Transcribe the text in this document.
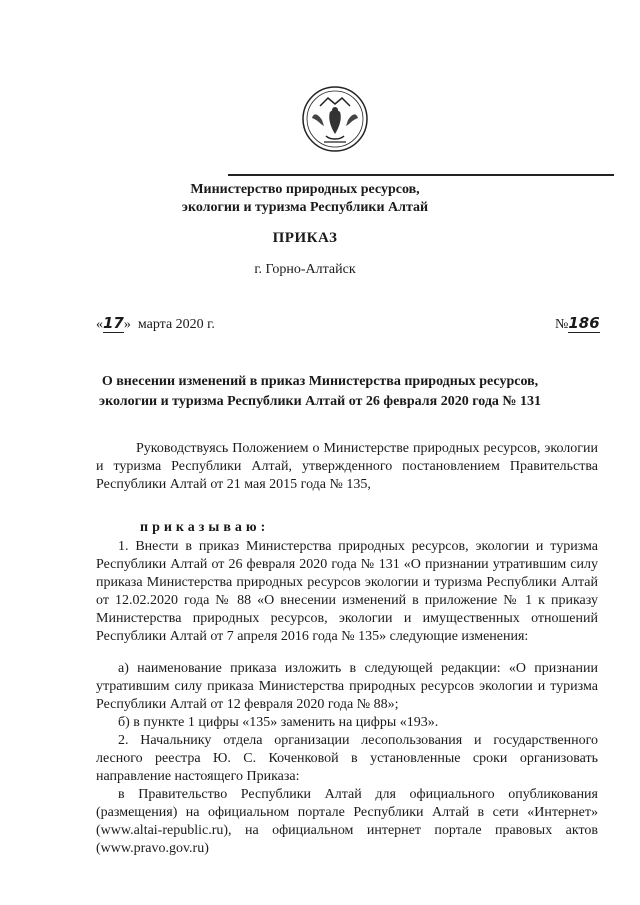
Министерство природных ресурсов,
экологии и туризма Республики Алтай
ПРИКАЗ
г. Горно-Алтайск
«17» марта 2020 г.	№186
О внесении изменений в приказ Министерства природных ресурсов,
экологии и туризма Республики Алтай от 26 февраля 2020 года № 131
Руководствуясь Положением о Министерстве природных ресурсов, экологии и туризма Республики Алтай, утвержденного постановлением Правительства Республики Алтай от 21 мая 2015 года № 135,
приказываю:
1. Внести в приказ Министерства природных ресурсов, экологии и туризма Республики Алтай от 26 февраля 2020 года № 131 «О признании утратившим силу приказа Министерства природных ресурсов экологии и туризма Республики Алтай от 12.02.2020 года № 88 «О внесении изменений в приложение № 1 к приказу Министерства природных ресурсов, экологии и имущественных отношений Республики Алтай от 7 апреля 2016 года № 135» следующие изменения:
а) наименование приказа изложить в следующей редакции: «О признании утратившим силу приказа Министерства природных ресурсов экологии и туризма Республики Алтай от 12 февраля 2020 года № 88»;
б) в пункте 1 цифры «135» заменить на цифры «193».
2. Начальнику отдела организации лесопользования и государственного лесного реестра Ю. С. Коченковой в установленные сроки организовать направление настоящего Приказа:
в Правительство Республики Алтай для официального опубликования (размещения) на официальном портале Республики Алтай в сети «Интернет» (www.altai-republic.ru), на официальном интернет портале правовых актов (www.pravo.gov.ru)
